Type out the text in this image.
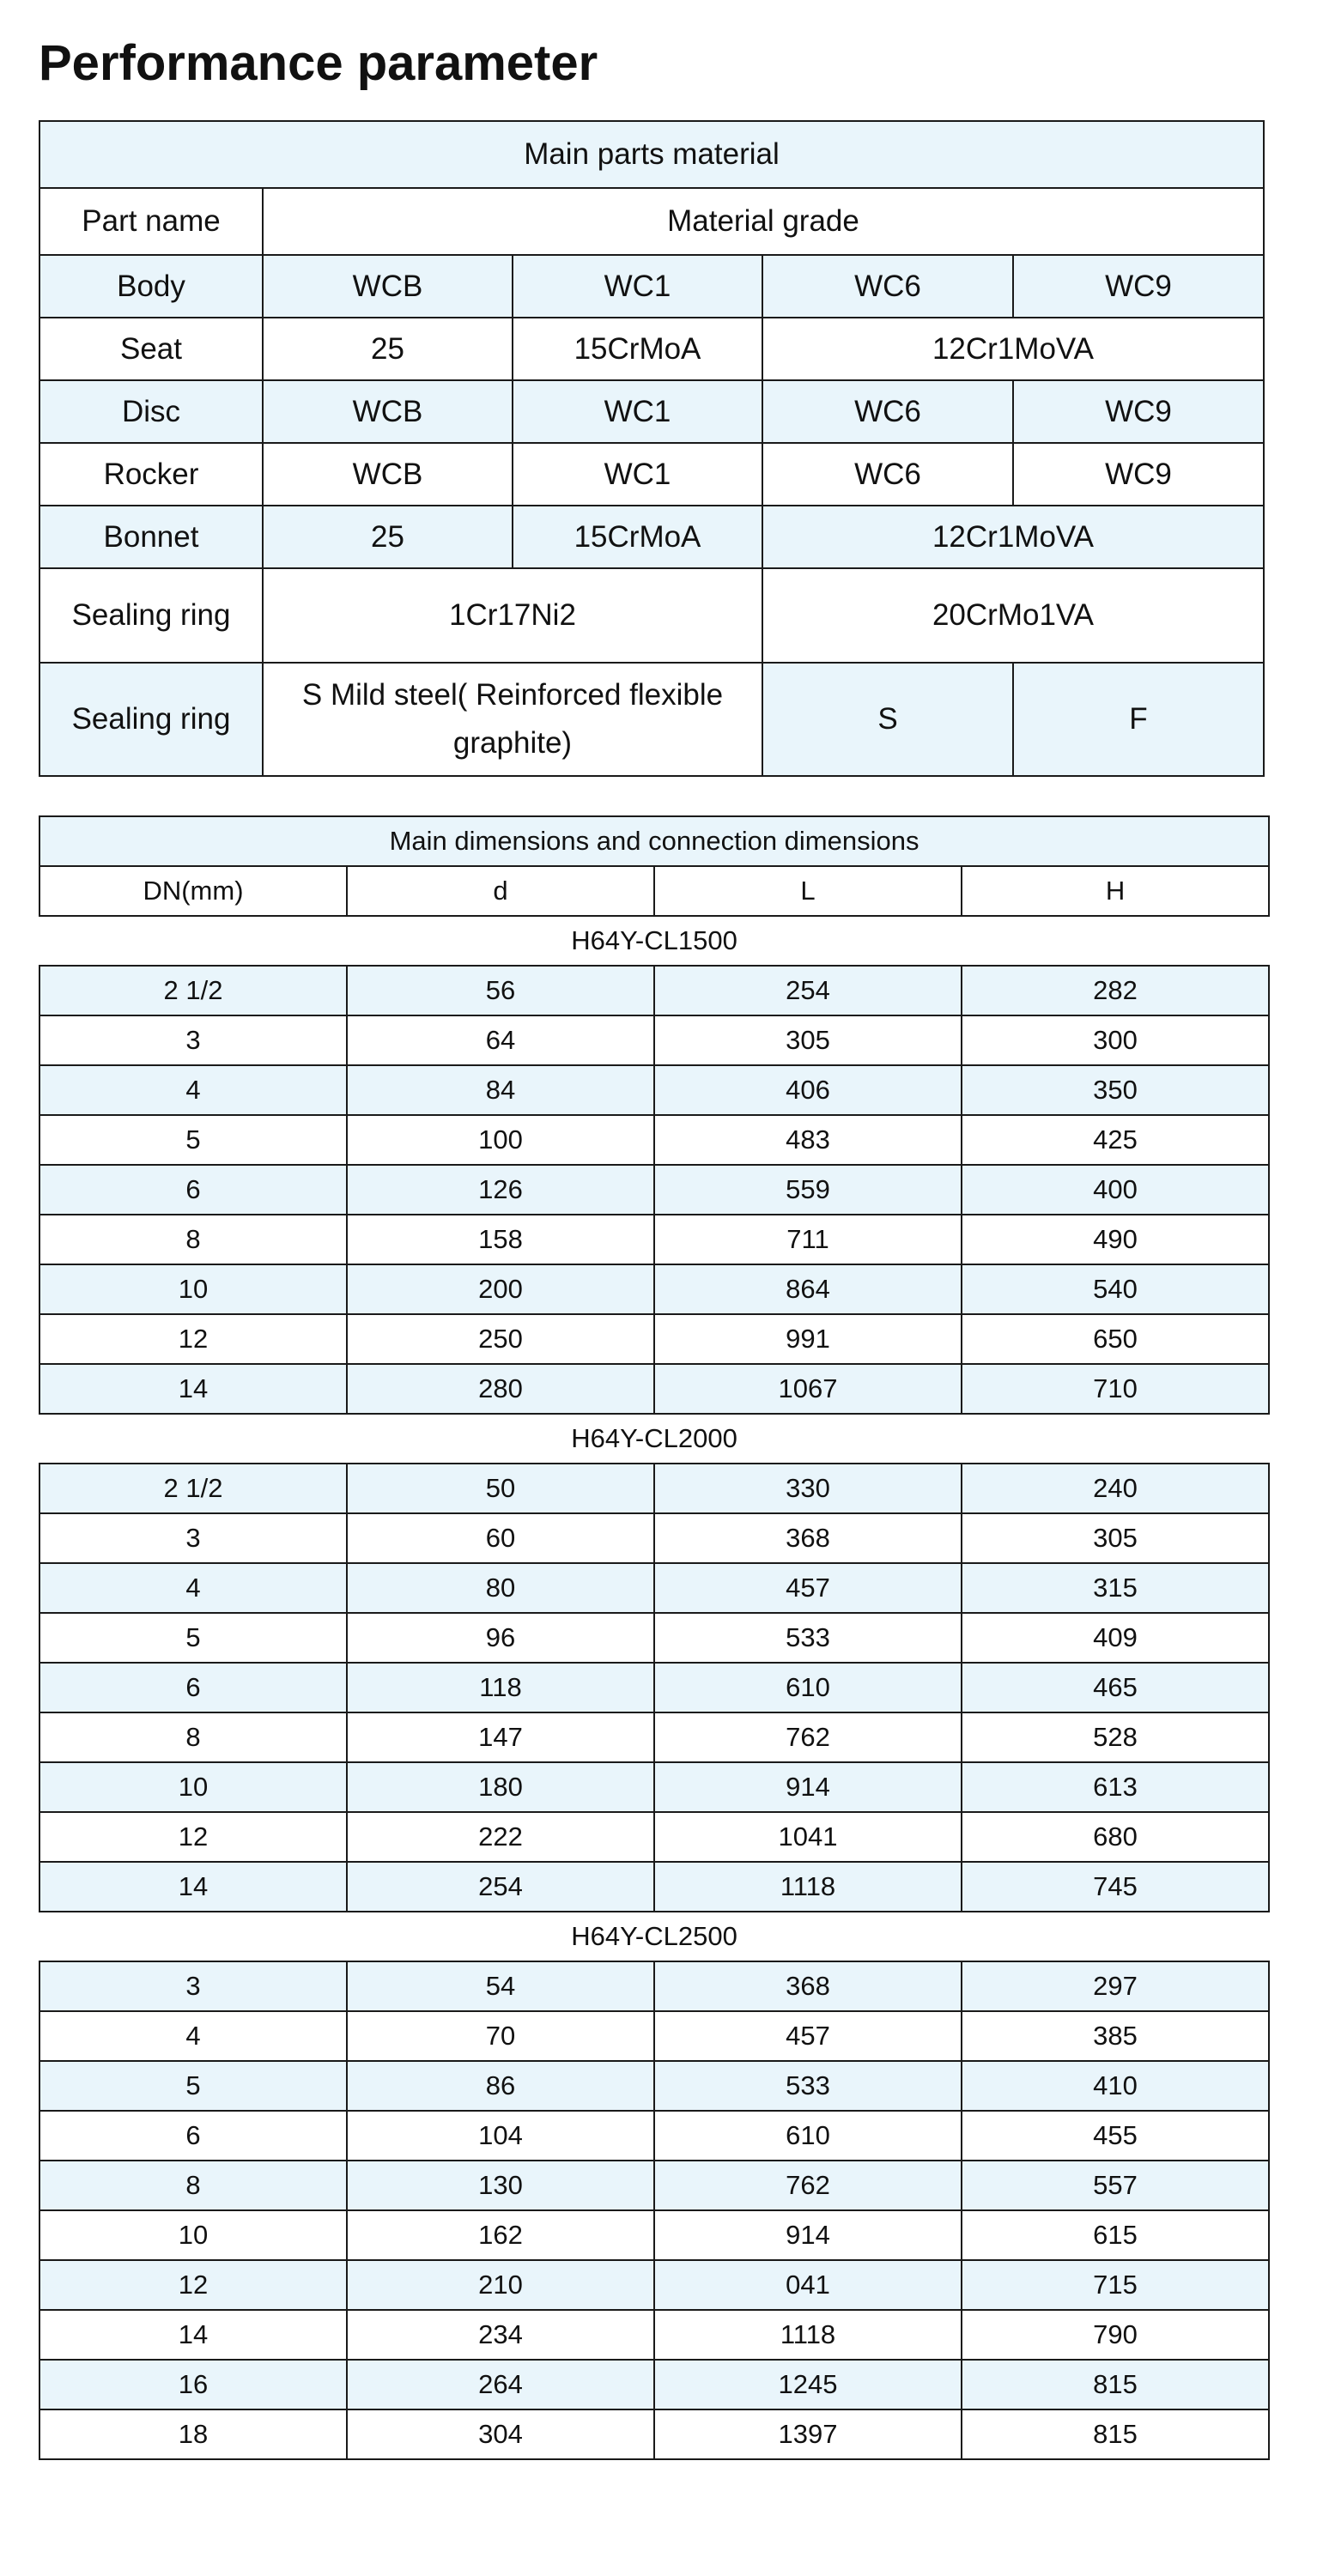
Performance parameter
Main parts material				
Part name	Material grade			
Body	WCB	WC1	WC6	WC9
Seat	25	15CrMoA	12Cr1MoVA	
Disc	WCB	WC1	WC6	WC9
Rocker	WCB	WC1	WC6	WC9
Bonnet	25	15CrMoA	12Cr1MoVA	
Sealing ring	1Cr17Ni2		20CrMo1VA	
Sealing ring	S Mild steel( Reinforced flexible graphite)		S	F
Main dimensions and connection dimensions			
DN(mm)	d	L	H
H64Y-CL1500			
2 1/2	56	254	282
3	64	305	300
4	84	406	350
5	100	483	425
6	126	559	400
8	158	711	490
10	200	864	540
12	250	991	650
14	280	1067	710
H64Y-CL2000			
2 1/2	50	330	240
3	60	368	305
4	80	457	315
5	96	533	409
6	118	610	465
8	147	762	528
10	180	914	613
12	222	1041	680
14	254	1118	745
H64Y-CL2500			
3	54	368	297
4	70	457	385
5	86	533	410
6	104	610	455
8	130	762	557
10	162	914	615
12	210	041	715
14	234	1118	790
16	264	1245	815
18	304	1397	815
